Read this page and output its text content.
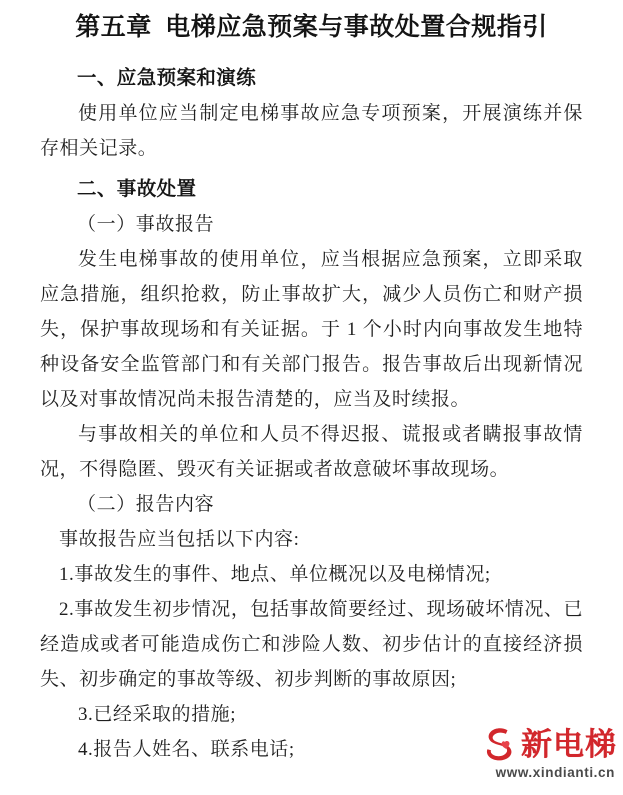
第五章  电梯应急预案与事故处置合规指引
一、应急预案和演练

使用单位应当制定电梯事故应急专项预案，开展演练并保存相关记录。

二、事故处置
（一）事故报告

发生电梯事故的使用单位，应当根据应急预案，立即采取应急措施，组织抢救，防止事故扩大，减少人员伤亡和财产损失，保护事故现场和有关证据。于 1 个小时内向事故发生地特种设备安全监管部门和有关部门报告。报告事故后出现新情况以及对事故情况尚未报告清楚的，应当及时续报。

与事故相关的单位和人员不得迟报、谎报或者瞒报事故情况，不得隐匿、毁灭有关证据或者故意破坏事故现场。

（二）报告内容

事故报告应当包括以下内容:

1.事故发生的事件、地点、单位概况以及电梯情况;

2.事故发生初步情况，包括事故简要经过、现场破坏情况、已经造成或者可能造成伤亡和涉险人数、初步估计的直接经济损失、初步确定的事故等级、初步判断的事故原因;

3.已经采取的措施;

4.报告人姓名、联系电话;	新电梯
www.xindianti.cn
